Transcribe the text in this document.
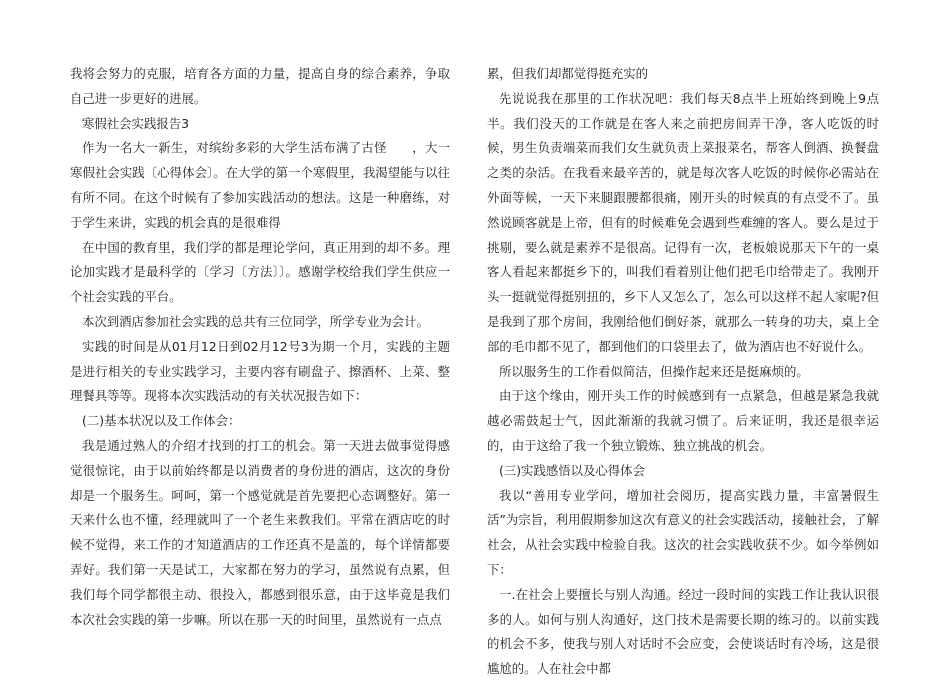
我将会努力的克服，培育各方面的力量，提高自身的综合素养，争取自己进一步更好的进展。

寒假社会实践报告3

作为一名大一新生，对缤纷多彩的大学生活布满了古怪　　，大一寒假社会实践〔心得体会〕。在大学的第一个寒假里，我渴望能与以往有所不同。在这个时候有了参加实践活动的想法。这是一种磨练，对于学生来讲，实践的机会真的是很难得

在中国的教育里，我们学的都是理论学问，真正用到的却不多。理论加实践才是最科学的〔学习〔方法〕〕。感谢学校给我们学生供应一个社会实践的平台。

本次到酒店参加社会实践的总共有三位同学，所学专业为会计。

实践的时间是从01月12日到02月12号3为期一个月，实践的主题是进行相关的专业实践学习，主要内容有刷盘子、擦酒杯、上菜、整理餐具等等。现将本次实践活动的有关状况报告如下：

(二)基本状况以及工作体会：

我是通过熟人的介绍才找到的打工的机会。第一天进去做事觉得感觉很惊诧，由于以前始终都是以消费者的身份进的酒店，这次的身份却是一个服务生。呵呵，第一个感觉就是首先要把心态调整好。第一天来什么也不懂，经理就叫了一个老生来教我们。平常在酒店吃的时候不觉得，来工作的才知道酒店的工作还真不是盖的，每个详情都要弄好。我们第一天是试工，大家都在努力的学习，虽然说有点累，但我们每个同学都很主动、很投入，都感到很乐意，由于这毕竟是我们本次社会实践的第一步嘛。所以在那一天的时间里，虽然说有一点点

累，但我们却都觉得挺充实的

先说说我在那里的工作状况吧：我们每天8点半上班始终到晚上9点半。我们没天的工作就是在客人来之前把房间弄干净，客人吃饭的时候，男生负责端菜而我们女生就负责上菜报菜名，帮客人倒酒、换餐盘之类的杂活。在我看来最辛苦的，就是每次客人吃饭的时候你必需站在外面等候，一天下来腿跟腰都很痛，刚开头的时候真的有点受不了。虽然说顾客就是上帝，但有的时候难免会遇到些难缠的客人。要么是过于挑剔，要么就是素养不是很高。记得有一次，老板娘说那天下午的一桌客人看起来都挺乡下的，叫我们看着别让他们把毛巾给带走了。我刚开头一挺就觉得挺别扭的，乡下人又怎么了，怎么可以这样不起人家呢?但是我到了那个房间，我刚给他们倒好茶，就那么一转身的功夫，桌上全部的毛巾都不见了，都到他们的口袋里去了，做为酒店也不好说什么。

所以服务生的工作看似简洁，但操作起来还是挺麻烦的。

由于这个缘由，刚开头工作的时候感到有一点紧急，但越是紧急我就越必需鼓起士气，因此渐渐的我就习惯了。后来证明，我还是很幸运的，由于这给了我一个独立锻炼、独立挑战的机会。

(三)实践感悟以及心得体会

我以“善用专业学问，增加社会阅历，提高实践力量，丰富暑假生活”为宗旨，利用假期参加这次有意义的社会实践活动，接触社会，了解社会，从社会实践中检验自我。这次的社会实践收获不少。如今举例如下：

一.在社会上要擅长与别人沟通。经过一段时间的实践工作让我认识很多的人。如何与别人沟通好，这门技术是需要长期的练习的。以前实践的机会不多，使我与别人对话时不会应变，会使谈话时有冷场，这是很尴尬的。人在社会中都
